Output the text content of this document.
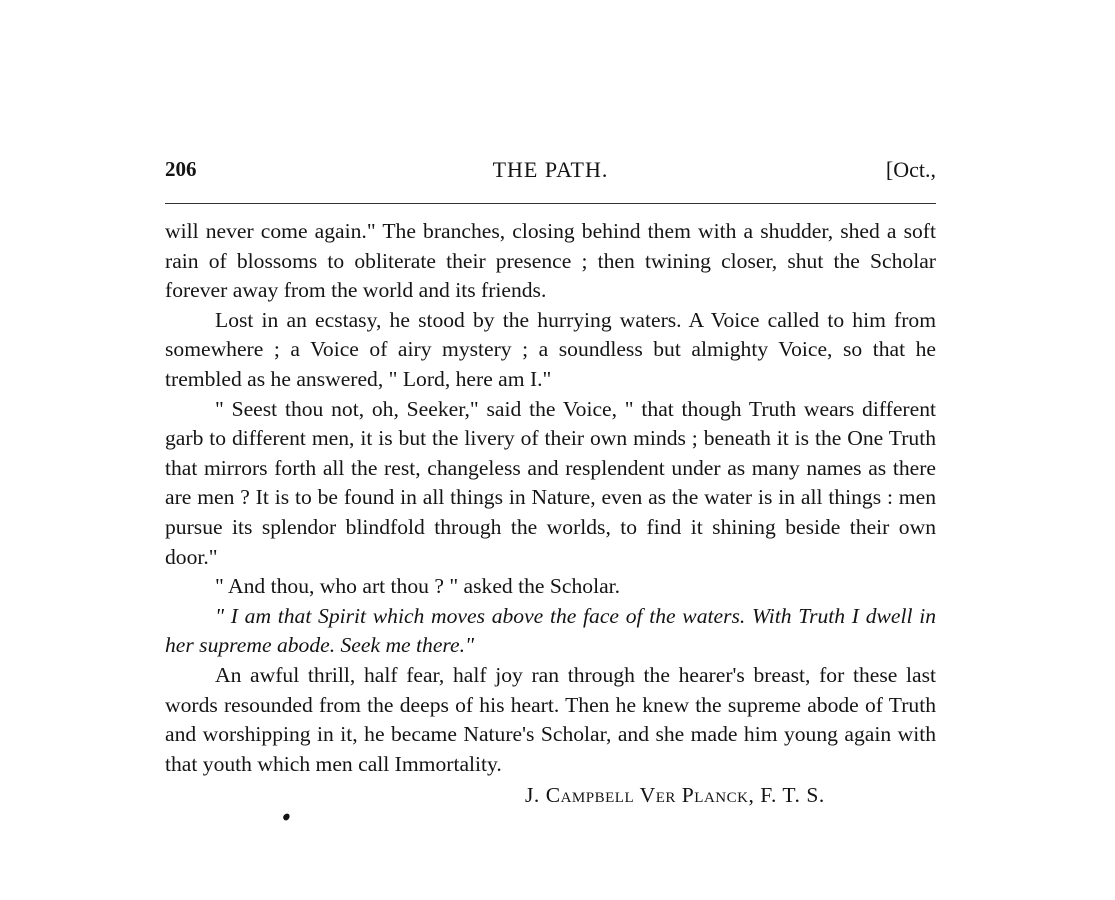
206	THE PATH.	[Oct.,

will never come again." The branches, closing behind them with a shudder, shed a soft rain of blossoms to obliterate their presence ; then twining closer, shut the Scholar forever away from the world and its friends.

Lost in an ecstasy, he stood by the hurrying waters. A Voice called to him from somewhere ; a Voice of airy mystery ; a soundless but almighty Voice, so that he trembled as he answered, " Lord, here am I."

" Seest thou not, oh, Seeker," said the Voice, " that though Truth wears different garb to different men, it is but the livery of their own minds ; beneath it is the One Truth that mirrors forth all the rest, changeless and resplendent under as many names as there are men ? It is to be found in all things in Nature, even as the water is in all things : men pursue its splendor blindfold through the worlds, to find it shining beside their own door."

" And thou, who art thou ? " asked the Scholar.

" I am that Spirit which moves above the face of the waters. With Truth I dwell in her supreme abode. Seek me there."

An awful thrill, half fear, half joy ran through the hearer's breast, for these last words resounded from the deeps of his heart. Then he knew the supreme abode of Truth and worshipping in it, he became Nature's Scholar, and she made him young again with that youth which men call Immortality.

J. Campbell Ver Planck, F. T. S.
